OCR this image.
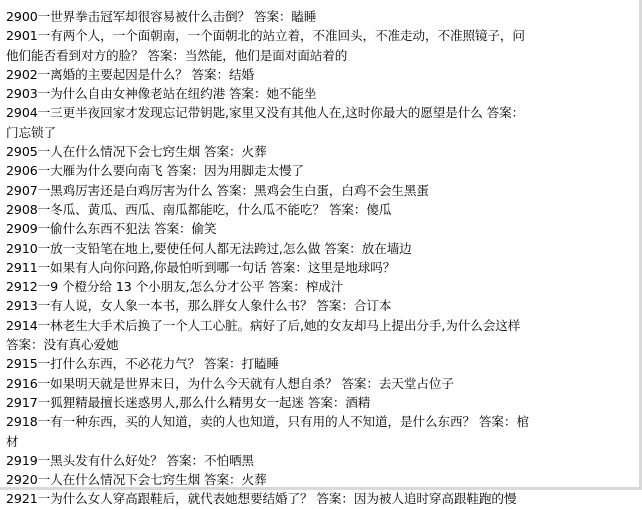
2900一世界拳击冠军却很容易被什么击倒？ 答案：瞌睡
2901一有两个人，一个面朝南，一个面朝北的站立着，不准回头，不准走动，不准照镜子，问
他们能否看到对方的脸？ 答案：当然能，他们是面对面站着的
2902一离婚的主要起因是什么？ 答案：结婚
2903一为什么自由女神像老站在纽约港 答案：她不能坐
2904一三更半夜回家才发现忘记带钥匙,家里又没有其他人在,这时你最大的愿望是什么 答案：
门忘锁了
2905一人在什么情况下会七窍生烟 答案：火葬
2906一大雁为什么要向南飞 答案：因为用脚走太慢了
2907一黑鸡厉害还是白鸡厉害为什么 答案：黑鸡会生白蛋，白鸡不会生黑蛋
2908一冬瓜、黄瓜、西瓜、南瓜都能吃，什么瓜不能吃？ 答案：傻瓜
2909一偷什么东西不犯法 答案：偷笑
2910一放一支铅笔在地上,要使任何人都无法跨过,怎么做 答案：放在墙边
2911一如果有人向你问路,你最怕听到哪一句话 答案：这里是地球吗？
2912一9 个橙分给 13 个小朋友,怎么分才公平 答案：榨成汁
2913一有人说，女人象一本书，那么胖女人象什么书？ 答案：合订本
2914一林老生大手术后换了一个人工心脏。病好了后,她的女友却马上提出分手,为什么会这样
答案：没有真心爱她
2915一打什么东西，不必花力气？ 答案：打瞌睡
2916一如果明天就是世界末日，为什么今天就有人想自杀？ 答案：去天堂占位子
2917一狐狸精最擅长迷惑男人,那么什么精男女一起迷 答案：酒精
2918一有一种东西，买的人知道，卖的人也知道，只有用的人不知道，是什么东西？ 答案：棺
材
2919一黑头发有什么好处？ 答案：不怕晒黑
2920一人在什么情况下会七窍生烟 答案：火葬
2921一为什么女人穿高跟鞋后，就代表她想要结婚了？ 答案：因为被人追时穿高跟鞋跑的慢
